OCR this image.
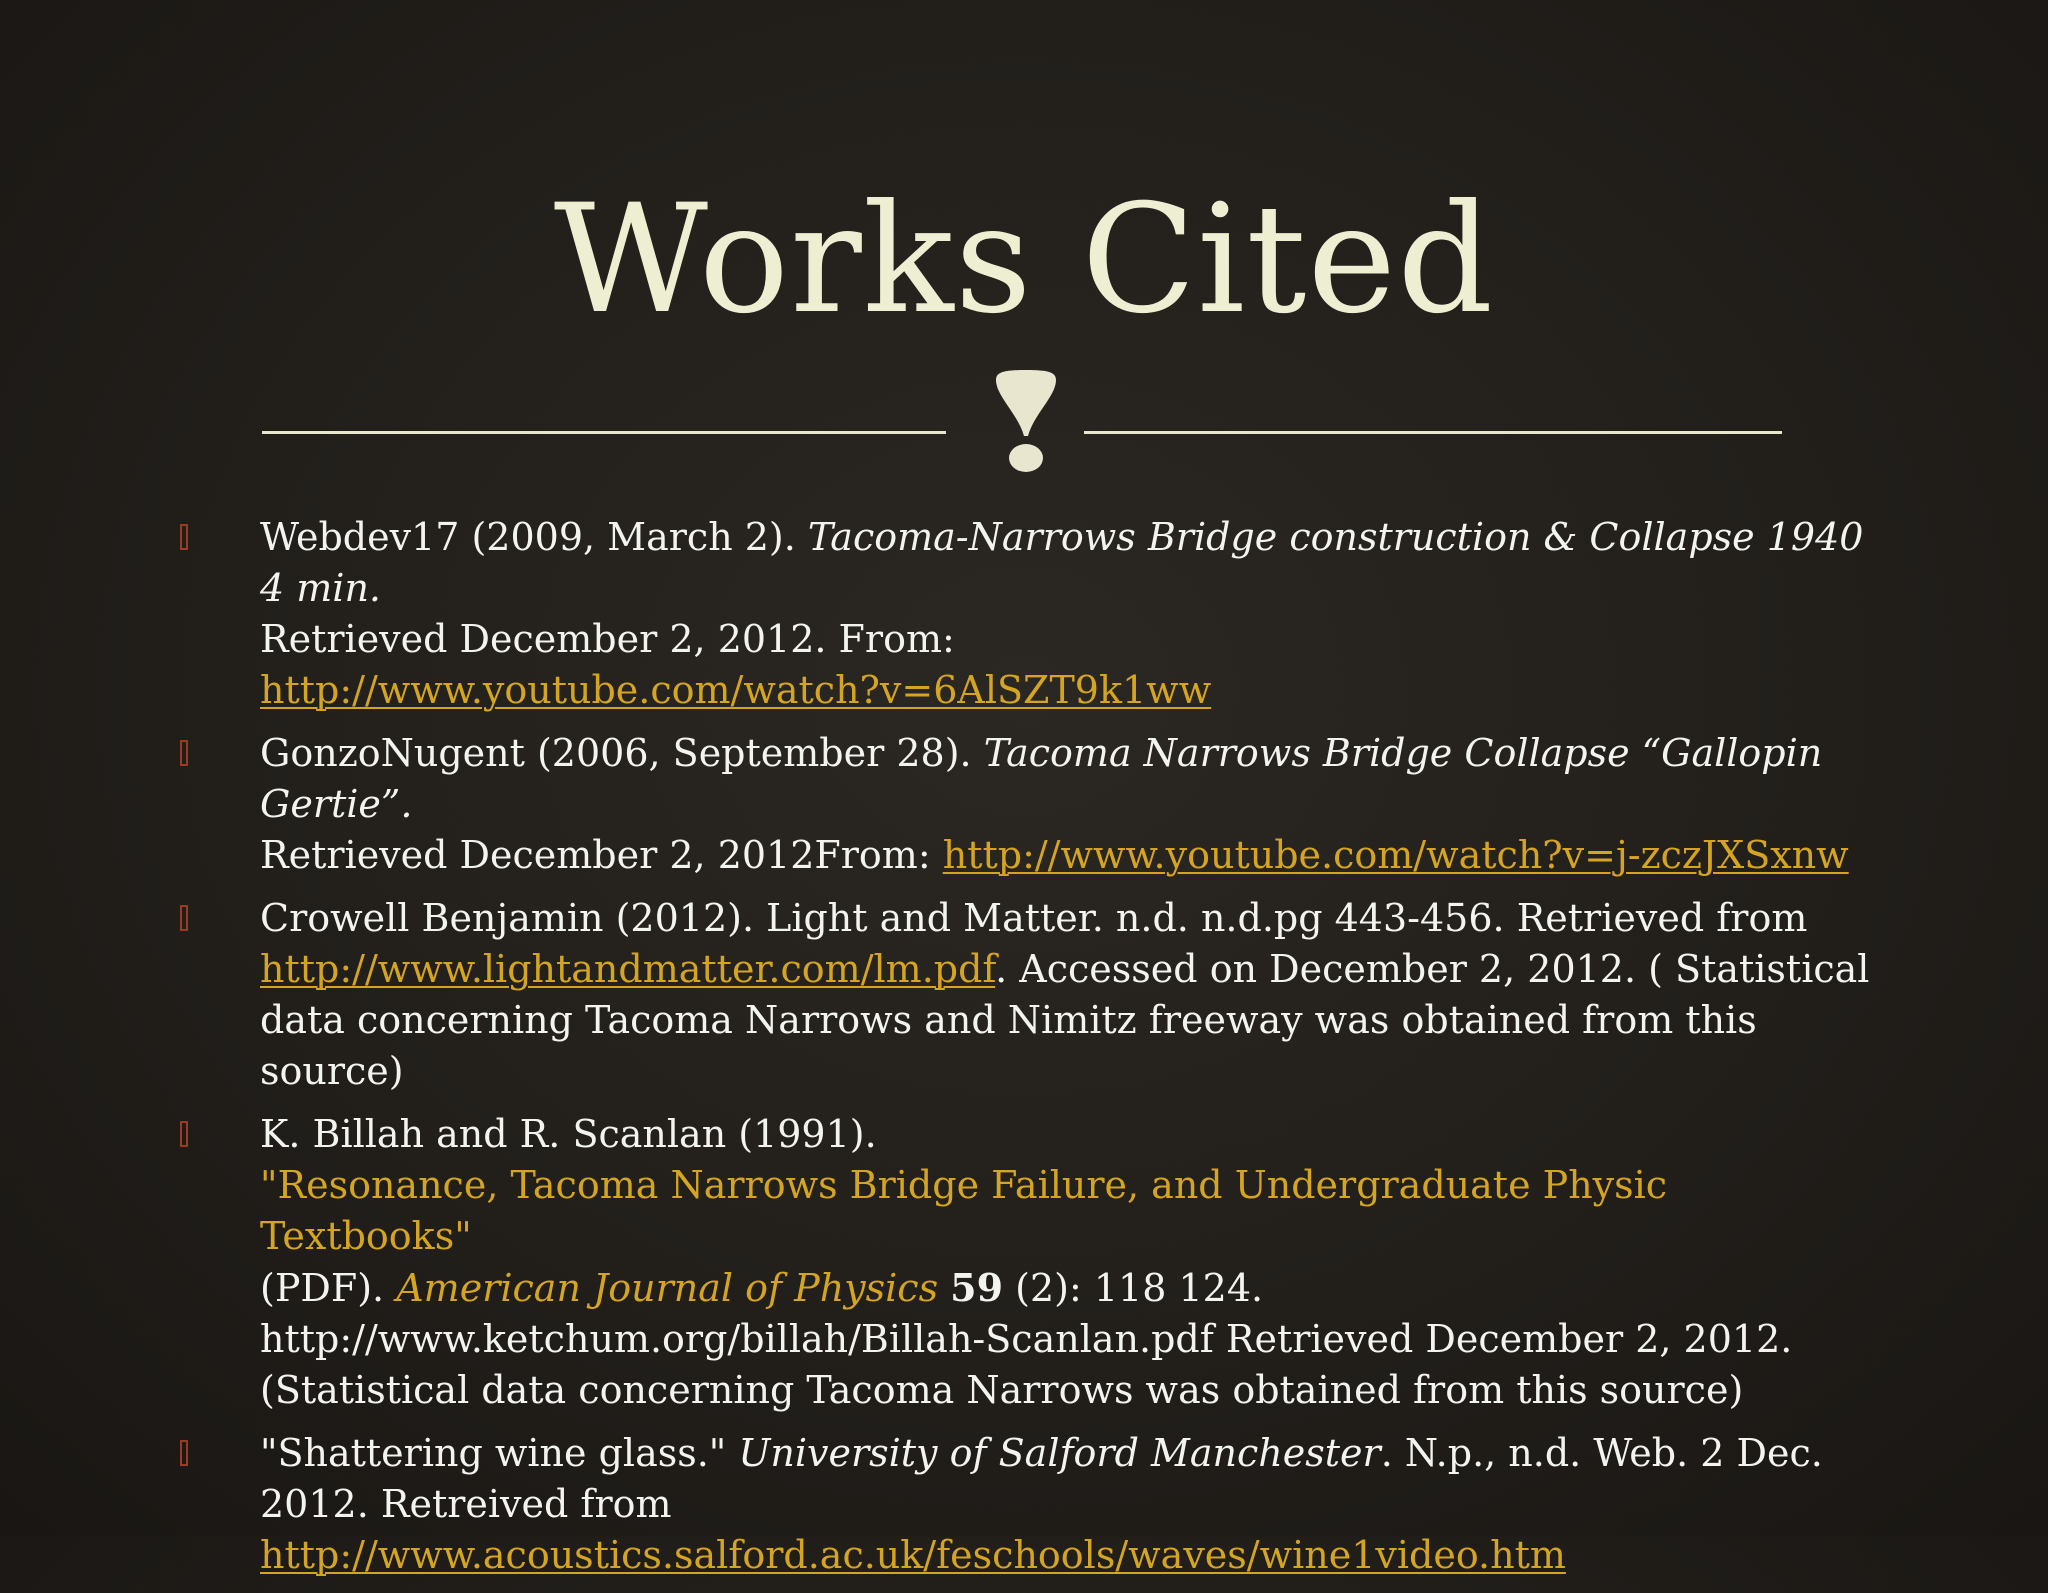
Works Cited
Webdev17 (2009, March 2). Tacoma-Narrows Bridge construction & Collapse 1940 4 min.
Retrieved December 2, 2012. From:
http://www.youtube.com/watch?v=6AlSZT9k1ww
GonzoNugent (2006, September 28). Tacoma Narrows Bridge Collapse “Gallopin Gertie”.
Retrieved December 2, 2012From: http://www.youtube.com/watch?v=j-zczJXSxnw
Crowell Benjamin (2012). Light and Matter. n.d. n.d.pg 443-456. Retrieved from
http://www.lightandmatter.com/lm.pdf. Accessed on December 2, 2012. ( Statistical data concerning Tacoma Narrows and Nimitz freeway was obtained from this source)
K. Billah and R. Scanlan (1991).
"Resonance, Tacoma Narrows Bridge Failure, and Undergraduate Physic Textbooks"
(PDF). American Journal of Physics 59 (2): 118 124.
http://www.ketchum.org/billah/Billah-Scanlan.pdf Retrieved December 2, 2012.
(Statistical data concerning Tacoma Narrows was obtained from this source)
"Shattering wine glass." University of Salford Manchester. N.p., n.d. Web. 2 Dec. 2012. Retreived from
http://www.acoustics.salford.ac.uk/feschools/waves/wine1video.htm
